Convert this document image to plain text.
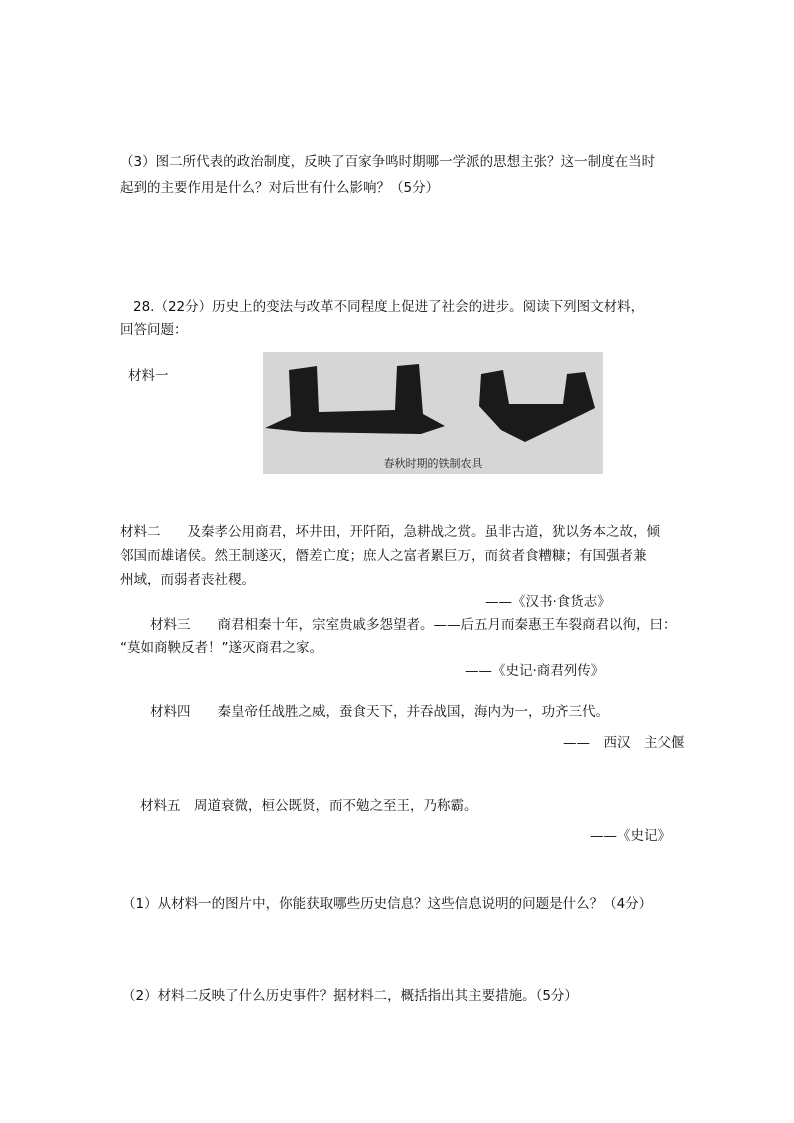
（3）图二所代表的政治制度，反映了百家争鸣时期哪一学派的思想主张？这一制度在当时
起到的主要作用是什么？对后世有什么影响？（5分）
28.（22分）历史上的变法与改革不同程度上促进了社会的进步。阅读下列图文材料，
回答问题：
材料一
春秋时期的铁制农具
材料二　　及秦孝公用商君，坏井田，开阡陌，急耕战之赏。虽非古道，犹以务本之故，倾
邻国而雄诸侯。然王制遂灭，僭差亡度；庶人之富者累巨万，而贫者食糟糠；有国强者兼
州域，而弱者丧社稷。
——《汉书·食货志》
材料三　　商君相秦十年，宗室贵戚多怨望者。——后五月而秦惠王车裂商君以徇，曰：
“莫如商鞅反者！”遂灭商君之家。
——《史记·商君列传》
材料四　　秦皇帝任战胜之威，蚕食天下，并吞战国，海内为一，功齐三代。
——　西汉　主父偃
材料五　周道衰微，桓公既贤，而不勉之至王，乃称霸。
——《史记》
（1）从材料一的图片中，你能获取哪些历史信息？这些信息说明的问题是什么？（4分）
（2）材料二反映了什么历史事件？据材料二，概括指出其主要措施。（5分）
